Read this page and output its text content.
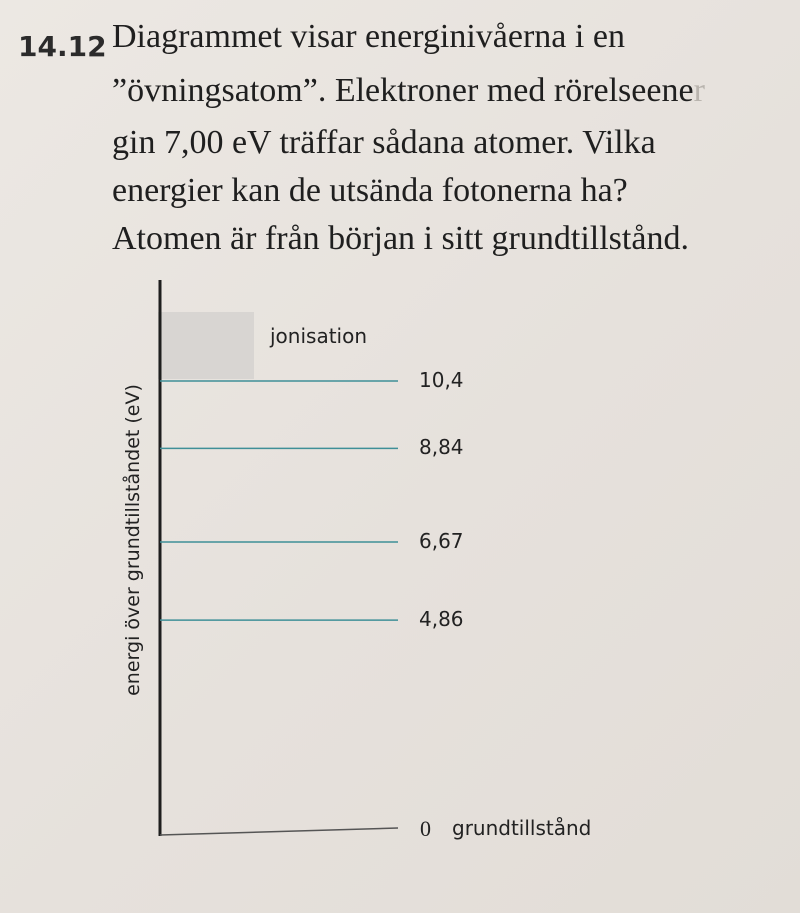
14.12 Diagrammet visar energinivåerna i en
”övningsatom”. Elektroner med rörelseener
gin 7,00 eV träffar sådana atomer. Vilka
energier kan de utsända fotonerna ha?
Atomen är från början i sitt grundtillstånd.
energi över grundtillståndet (eV)
jonisation
10,4
8,84
6,67
4,86
0 grundtillstånd
